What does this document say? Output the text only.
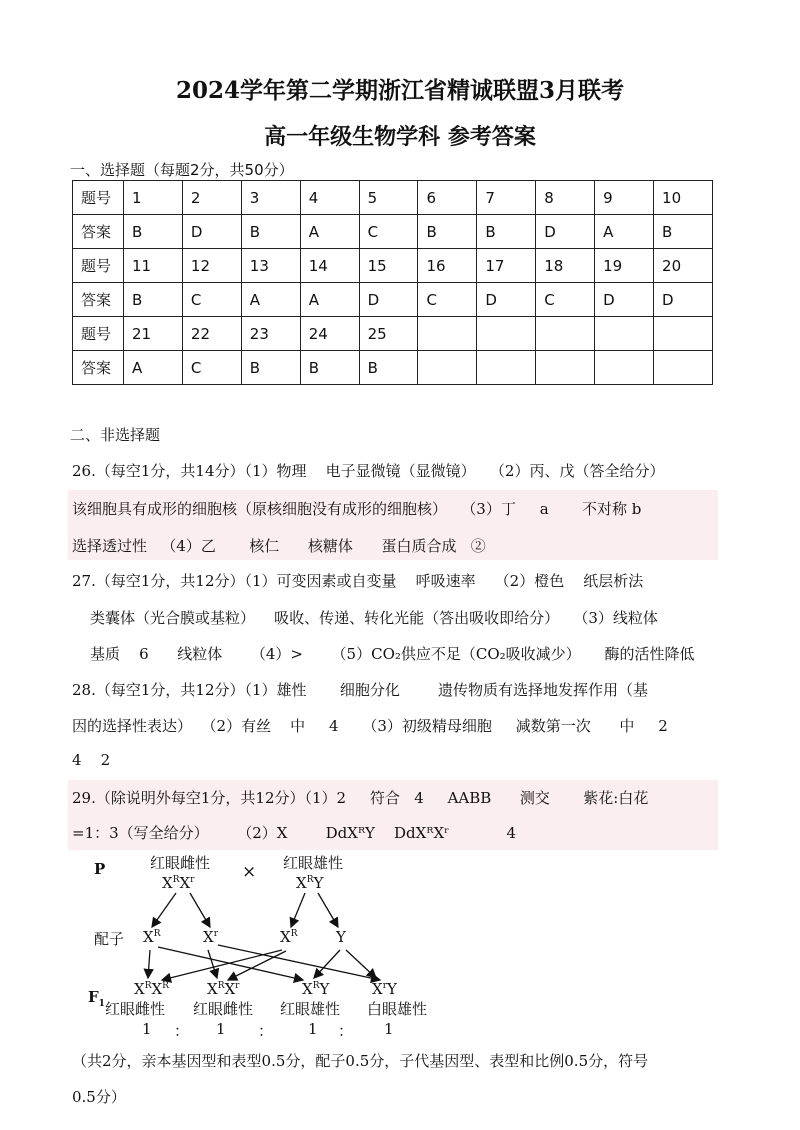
2024学年第二学期浙江省精诚联盟3月联考
高一年级生物学科 参考答案
一、选择题（每题2分，共50分）
题号	1	2	3	4	5	6	7	8	9	10
答案	B	D	B	A	C	B	B	D	A	B
题号	11	12	13	14	15	16	17	18	19	20
答案	B	C	A	A	D	C	D	C	D	D
题号	21	22	23	24	25					
答案	A	C	B	B	B					
二、非选择题
26.（每空1分，共14分）（1）物理    电子显微镜（显微镜）   （2）丙、戊（答全给分）
该细胞具有成形的细胞核（原核细胞没有成形的细胞核）   （3）丁     a       不对称 b
选择透过性   （4）乙       核仁      核糖体      蛋白质合成   ②
27.（每空1分，共12分）（1）可变因素或自变量    呼吸速率    （2）橙色    纸层析法
类囊体（光合膜或基粒）    吸收、传递、转化光能（答出吸收即给分）   （3）线粒体
基质    6      线粒体      （4）>      （5）CO₂供应不足（CO₂吸收减少）     酶的活性降低
28.（每空1分，共12分）（1）雄性       细胞分化        遗传物质有选择地发挥作用（基
因的选择性表达）  （2）有丝    中     4     （3）初级精母细胞     减数第一次      中     2
4    2
29.（除说明外每空1分，共12分）（1）2     符合   4     AABB      测交       紫花:白花
=1：3（写全给分）      （2）X        DdXᴿY    DdXᴿXʳ            4
P	红眼雌性	红眼雄性
×
$X^RX^r$	$X^RY$
配子 $X^R$	$X^r$	$X^R$	Y
$F_1$
$X^RX^R$	$X^RX^r$	$X^RY$	$X^rY$
红眼雌性 红眼雌性 红眼雄性 白眼雄性
1 ： 1 ： 1 ： 1
（共2分，亲本基因型和表型0.5分，配子0.5分，子代基因型、表型和比例0.5分，符号
0.5分）
